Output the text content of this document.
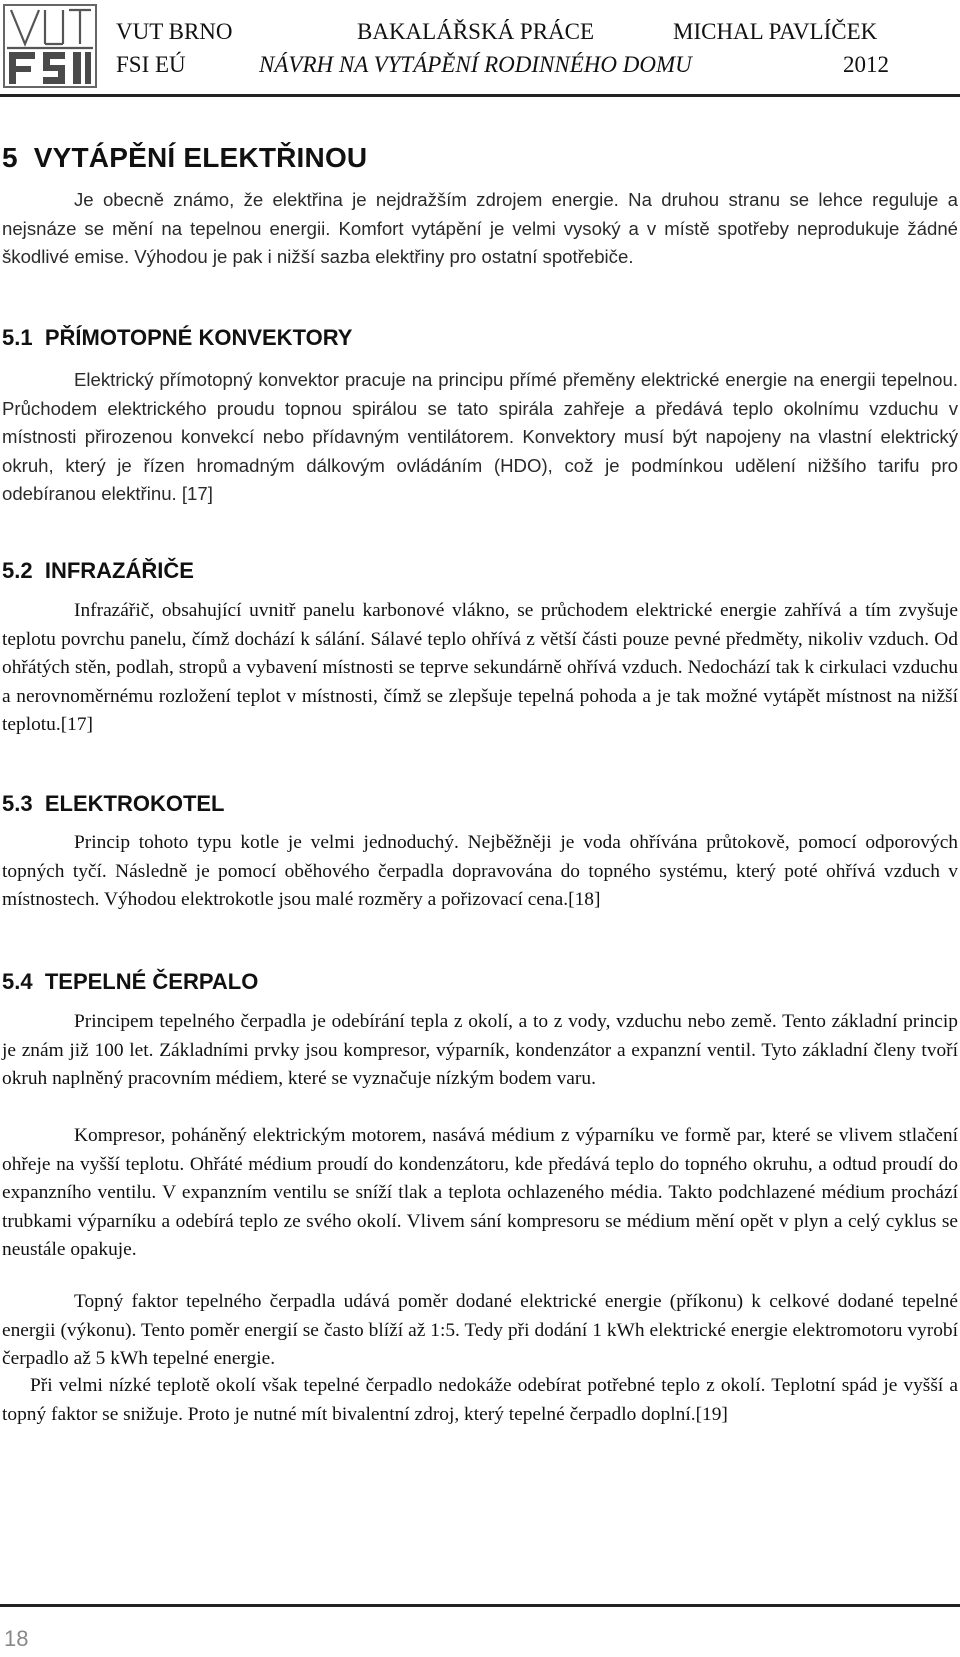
VUT BRNO
FSI EÚ
BAKALÁŘSKÁ PRÁCE
NÁVRH NA VYTÁPĚNÍ RODINNÉHO DOMU
MICHAL PAVLÍČEK
2012
5 VYTÁPĚNÍ ELEKTŘINOU

Je obecně známo, že elektřina je nejdražším zdrojem energie. Na druhou stranu se lehce reguluje a nejsnáze se mění na tepelnou energii. Komfort vytápění je velmi vysoký a v místě spotřeby neprodukuje žádné škodlivé emise. Výhodou je pak i nižší sazba elektřiny pro ostatní spotřebiče.

5.1 PŘÍMOTOPNÉ KONVEKTORY

Elektrický přímotopný konvektor pracuje na principu přímé přeměny elektrické energie na energii tepelnou. Průchodem elektrického proudu topnou spirálou se tato spirála zahřeje a předává teplo okolnímu vzduchu v místnosti přirozenou konvekcí nebo přídavným ventilátorem. Konvektory musí být napojeny na vlastní elektrický okruh, který je řízen hromadným dálkovým ovládáním (HDO), což je podmínkou udělení nižšího tarifu pro odebíranou elektřinu. [17]

5.2 INFRAZÁŘIČE

Infrazářič, obsahující uvnitř panelu karbonové vlákno, se průchodem elektrické energie zahřívá a tím zvyšuje teplotu povrchu panelu, čímž dochází k sálání. Sálavé teplo ohřívá z větší části pouze pevné předměty, nikoliv vzduch. Od ohřátých stěn, podlah, stropů a vybavení místnosti se teprve sekundárně ohřívá vzduch. Nedochází tak k cirkulaci vzduchu a nerovnoměrnému rozložení teplot v místnosti, čímž se zlepšuje tepelná pohoda a je tak možné vytápět místnost na nižší teplotu.[17]

5.3 ELEKTROKOTEL

Princip tohoto typu kotle je velmi jednoduchý. Nejběžněji je voda ohřívána průtokově, pomocí odporových topných tyčí. Následně je pomocí oběhového čerpadla dopravována do topného systému, který poté ohřívá vzduch v místnostech. Výhodou elektrokotle jsou malé rozměry a pořizovací cena.[18]

5.4 TEPELNÉ ČERPALO

Principem tepelného čerpadla je odebírání tepla z okolí, a to z vody, vzduchu nebo země. Tento základní princip je znám již 100 let. Základními prvky jsou kompresor, výparník, kondenzátor a expanzní ventil. Tyto základní členy tvoří okruh naplněný pracovním médiem, které se vyznačuje nízkým bodem varu.

Kompresor, poháněný elektrickým motorem, nasává médium z výparníku ve formě par, které se vlivem stlačení ohřeje na vyšší teplotu. Ohřáté médium proudí do kondenzátoru, kde předává teplo do topného okruhu, a odtud proudí do expanzního ventilu. V expanzním ventilu se sníží tlak a teplota ochlazeného média. Takto podchlazené médium prochází trubkami výparníku a odebírá teplo ze svého okolí. Vlivem sání kompresoru se médium mění opět v plyn a celý cyklus se neustále opakuje.

Topný faktor tepelného čerpadla udává poměr dodané elektrické energie (příkonu) k celkové dodané tepelné energii (výkonu). Tento poměr energií se často blíží až 1:5. Tedy při dodání 1 kWh elektrické energie elektromotoru vyrobí čerpadlo až 5 kWh tepelné energie.

Při velmi nízké teplotě okolí však tepelné čerpadlo nedokáže odebírat potřebné teplo z okolí. Teplotní spád je vyšší a topný faktor se snižuje. Proto je nutné mít bivalentní zdroj, který tepelné čerpadlo doplní.[19]

18
